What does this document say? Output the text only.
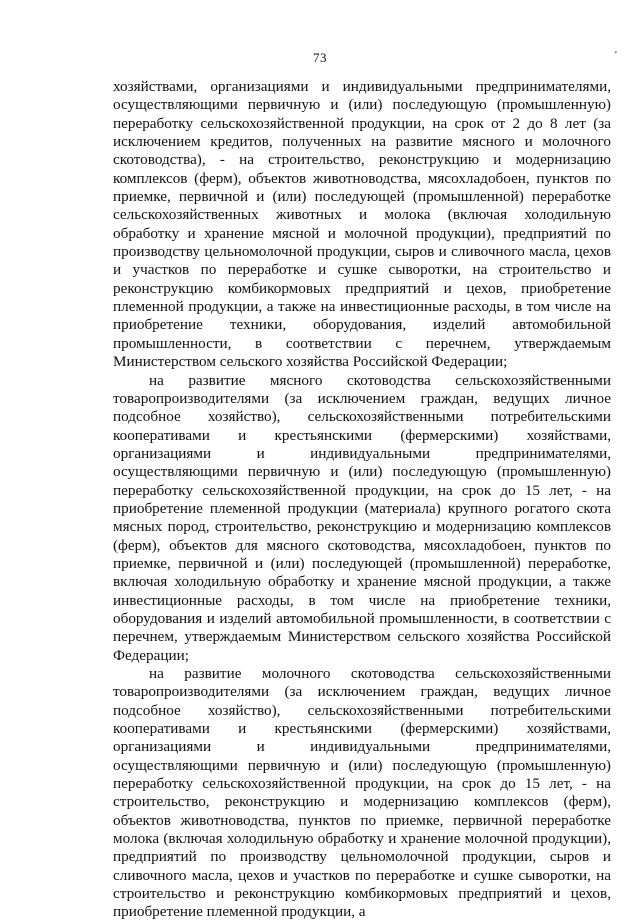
73

хозяйствами, организациями и индивидуальными предпринимателями, осуществляющими первичную и (или) последующую (промышленную) переработку сельскохозяйственной продукции, на срок от 2 до 8 лет (за исключением кредитов, полученных на развитие мясного и молочного скотоводства), - на строительство, реконструкцию и модернизацию комплексов (ферм), объектов животноводства, мясохладобоен, пунктов по приемке, первичной и (или) последующей (промышленной) переработке сельскохозяйственных животных и молока (включая холодильную обработку и хранение мясной и молочной продукции), предприятий по производству цельномолочной продукции, сыров и сливочного масла, цехов и участков по переработке и сушке сыворотки, на строительство и реконструкцию комбикормовых предприятий и цехов, приобретение племенной продукции, а также на инвестиционные расходы, в том числе на приобретение техники, оборудования, изделий автомобильной промышленности, в соответствии с перечнем, утверждаемым Министерством сельского хозяйства Российской Федерации;

на развитие мясного скотоводства сельскохозяйственными товаропроизводителями (за исключением граждан, ведущих личное подсобное хозяйство), сельскохозяйственными потребительскими кооперативами и крестьянскими (фермерскими) хозяйствами, организациями и индивидуальными предпринимателями, осуществляющими первичную и (или) последующую (промышленную) переработку сельскохозяйственной продукции, на срок до 15 лет, - на приобретение племенной продукции (материала) крупного рогатого скота мясных пород, строительство, реконструкцию и модернизацию комплексов (ферм), объектов для мясного скотоводства, мясохладобоен, пунктов по приемке, первичной и (или) последующей (промышленной) переработке, включая холодильную обработку и хранение мясной продукции, а также инвестиционные расходы, в том числе на приобретение техники, оборудования и изделий автомобильной промышленности, в соответствии с перечнем, утверждаемым Министерством сельского хозяйства Российской Федерации;

на развитие молочного скотоводства сельскохозяйственными товаропроизводителями (за исключением граждан, ведущих личное подсобное хозяйство), сельскохозяйственными потребительскими кооперативами и крестьянскими (фермерскими) хозяйствами, организациями и индивидуальными предпринимателями, осуществляющими первичную и (или) последующую (промышленную) переработку сельскохозяйственной продукции, на срок до 15 лет, - на строительство, реконструкцию и модернизацию комплексов (ферм), объектов животноводства, пунктов по приемке, первичной переработке молока (включая холодильную обработку и хранение молочной продукции), предприятий по производству цельномолочной продукции, сыров и сливочного масла, цехов и участков по переработке и сушке сыворотки, на строительство и реконструкцию комбикормовых предприятий и цехов, приобретение племенной продукции, а

•
